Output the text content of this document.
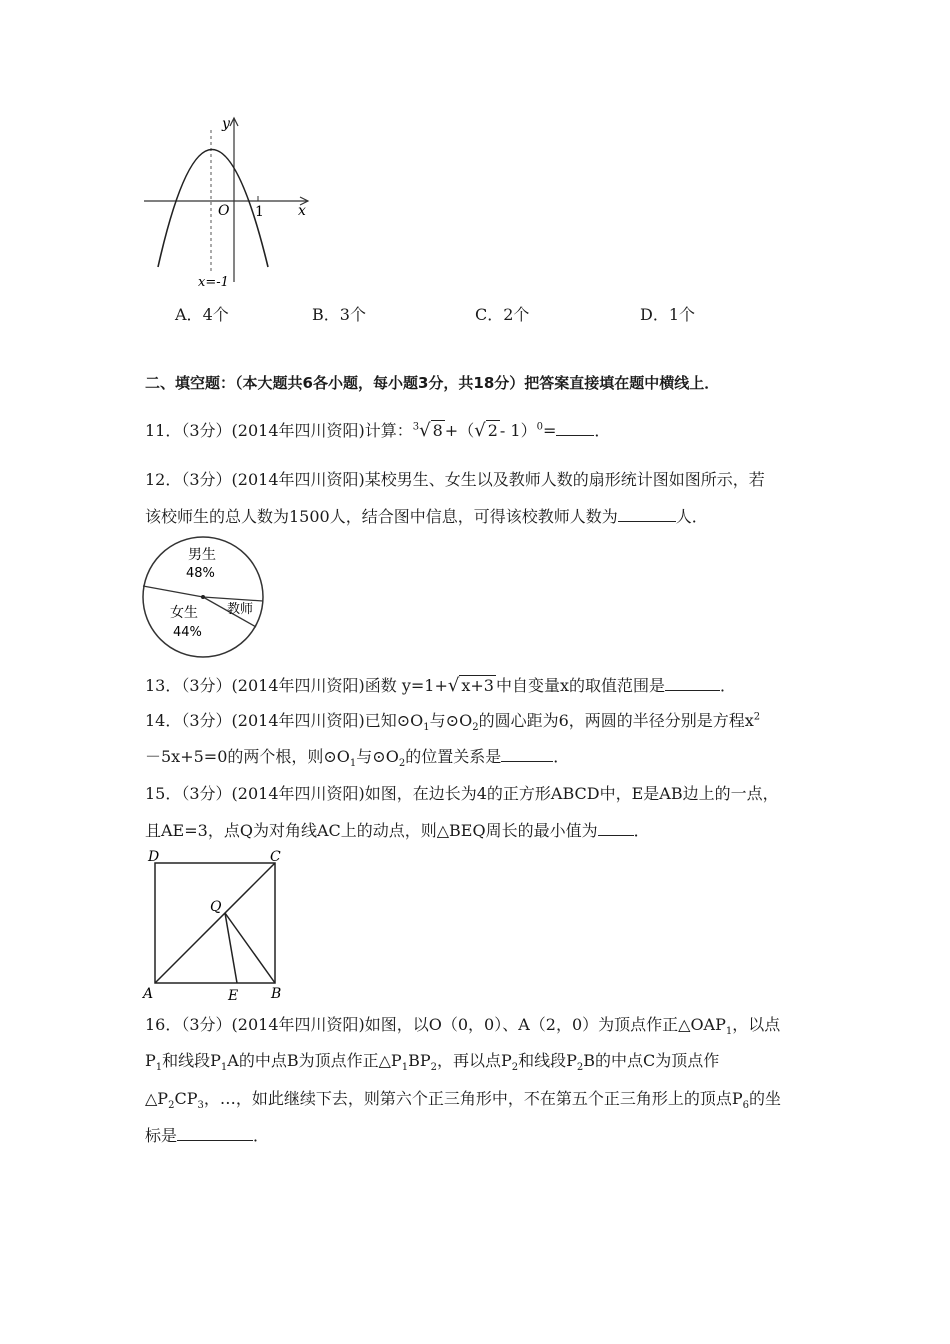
y
x
O 1
x=-1
A．4个	B．3个	C．2个	D．1个
二、填空题：（本大题共6各小题，每小题3分，共18分）把答案直接填在题中横线上．
11．（3分）(2014年四川资阳)计算：$^3$√ 8 +（√ 2 - 1）$^0$= ．
12．（3分）(2014年四川资阳)某校男生、女生以及教师人数的扇形统计图如图所示，若
该校师生的总人数为1500人，结合图中信息，可得该校教师人数为	人．
男生
48%
女生
44%
教师
13．（3分）(2014年四川资阳)函数 y=1+√ x+3 中自变量x的取值范围是	．
14．（3分）(2014年四川资阳)已知$⊙O_1$与$⊙O_2$的圆心距为6，两圆的半径分别是方程$x^2$
－5x+5=0的两个根，则$⊙O_1$与$⊙O_2$的位置关系是	．
15．（3分）(2014年四川资阳)如图，在边长为4的正方形ABCD中，E是AB边上的一点，
且AE=3，点Q为对角线AC上的动点，则△BEQ周长的最小值为 ．
D	C
Q
A	E B
16．（3分）(2014年四川资阳)如图，以O（0，0）、A（2，0）为顶点作正$\triangle OAP_1$，以点
$P_1$和线段$P_1A$的中点B为顶点作正$\triangle P_1BP_2$，再以点$P_2$和线段$P_2B$的中点C为顶点作
$\triangle P_2CP_3$，…，如此继续下去，则第六个正三角形中，不在第五个正三角形上的顶点$P_6$的坐
标是	．
